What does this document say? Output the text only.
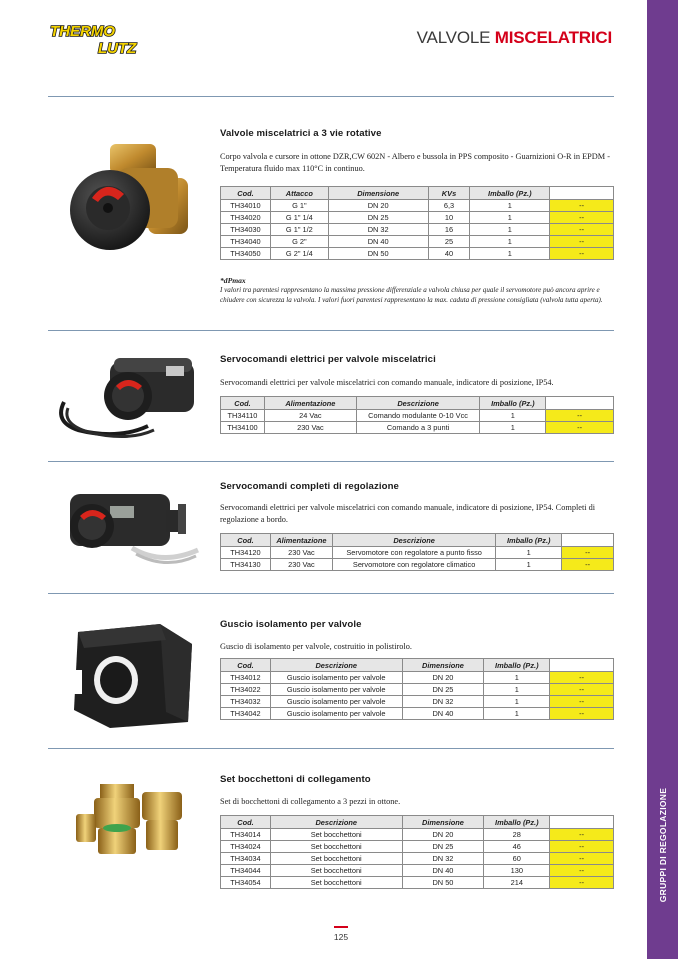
THERMO
LUTZ
VALVOLE MISCELATRICI
GRUPPI DI REGOLAZIONE
Valvole miscelatrici a 3 vie rotative
Corpo valvola e cursore in ottone DZR,CW 602N - Albero e bussola in PPS composito - Guarnizioni O-R in EPDM - Temperatura fluido max 110°C in continuo.
Cod.	Attacco	Dimensione	KVs	Imballo (Pz.)	
TH34010	G 1"	DN 20	6,3	1	--
TH34020	G 1" 1/4	DN 25	10	1	--
TH34030	G 1" 1/2	DN 32	16	1	--
TH34040	G 2"	DN 40	25	1	--
TH34050	G 2" 1/4	DN 50	40	1	--
*dPmax
I valori tra parentesi rappresentano la massima pressione differenziale a valvola chiusa per quale il servomotore può ancora aprire e chiudere con sicurezza la valvola. I valori fuori parentesi rappresentano la max. caduta di pressione consigliata (valvola tutta aperta).
Servocomandi elettrici per valvole miscelatrici
Servocomandi elettrici per valvole miscelatrici con comando manuale, indicatore di posizione, IP54.
Cod.	Alimentazione	Descrizione	Imballo (Pz.)	
TH34110	24 Vac	Comando modulante 0-10 Vcc	1	--
TH34100	230 Vac	Comando a 3 punti	1	--
Servocomandi completi di regolazione
Servocomandi elettrici per valvole miscelatrici con comando manuale, indicatore di posizione, IP54. Completi di regolazione a bordo.
Cod.	Alimentazione	Descrizione	Imballo (Pz.)	
TH34120	230 Vac	Servomotore con regolatore a punto fisso	1	--
TH34130	230 Vac	Servomotore con regolatore climatico	1	--
Guscio isolamento per valvole
Guscio di isolamento per valvole, costruitio in polistirolo.
Cod.	Descrizione	Dimensione	Imballo (Pz.)	
TH34012	Guscio isolamento per valvole	DN 20	1	--
TH34022	Guscio isolamento per valvole	DN 25	1	--
TH34032	Guscio isolamento per valvole	DN 32	1	--
TH34042	Guscio isolamento per valvole	DN 40	1	--
Set bocchettoni di collegamento
Set di bocchettoni di collegamento a 3 pezzi in ottone.
Cod.	Descrizione	Dimensione	Imballo (Pz.)	
TH34014	Set bocchettoni	DN 20	28	--
TH34024	Set bocchettoni	DN 25	46	--
TH34034	Set bocchettoni	DN 32	60	--
TH34044	Set bocchettoni	DN 40	130	--
TH34054	Set bocchettoni	DN 50	214	--
125
